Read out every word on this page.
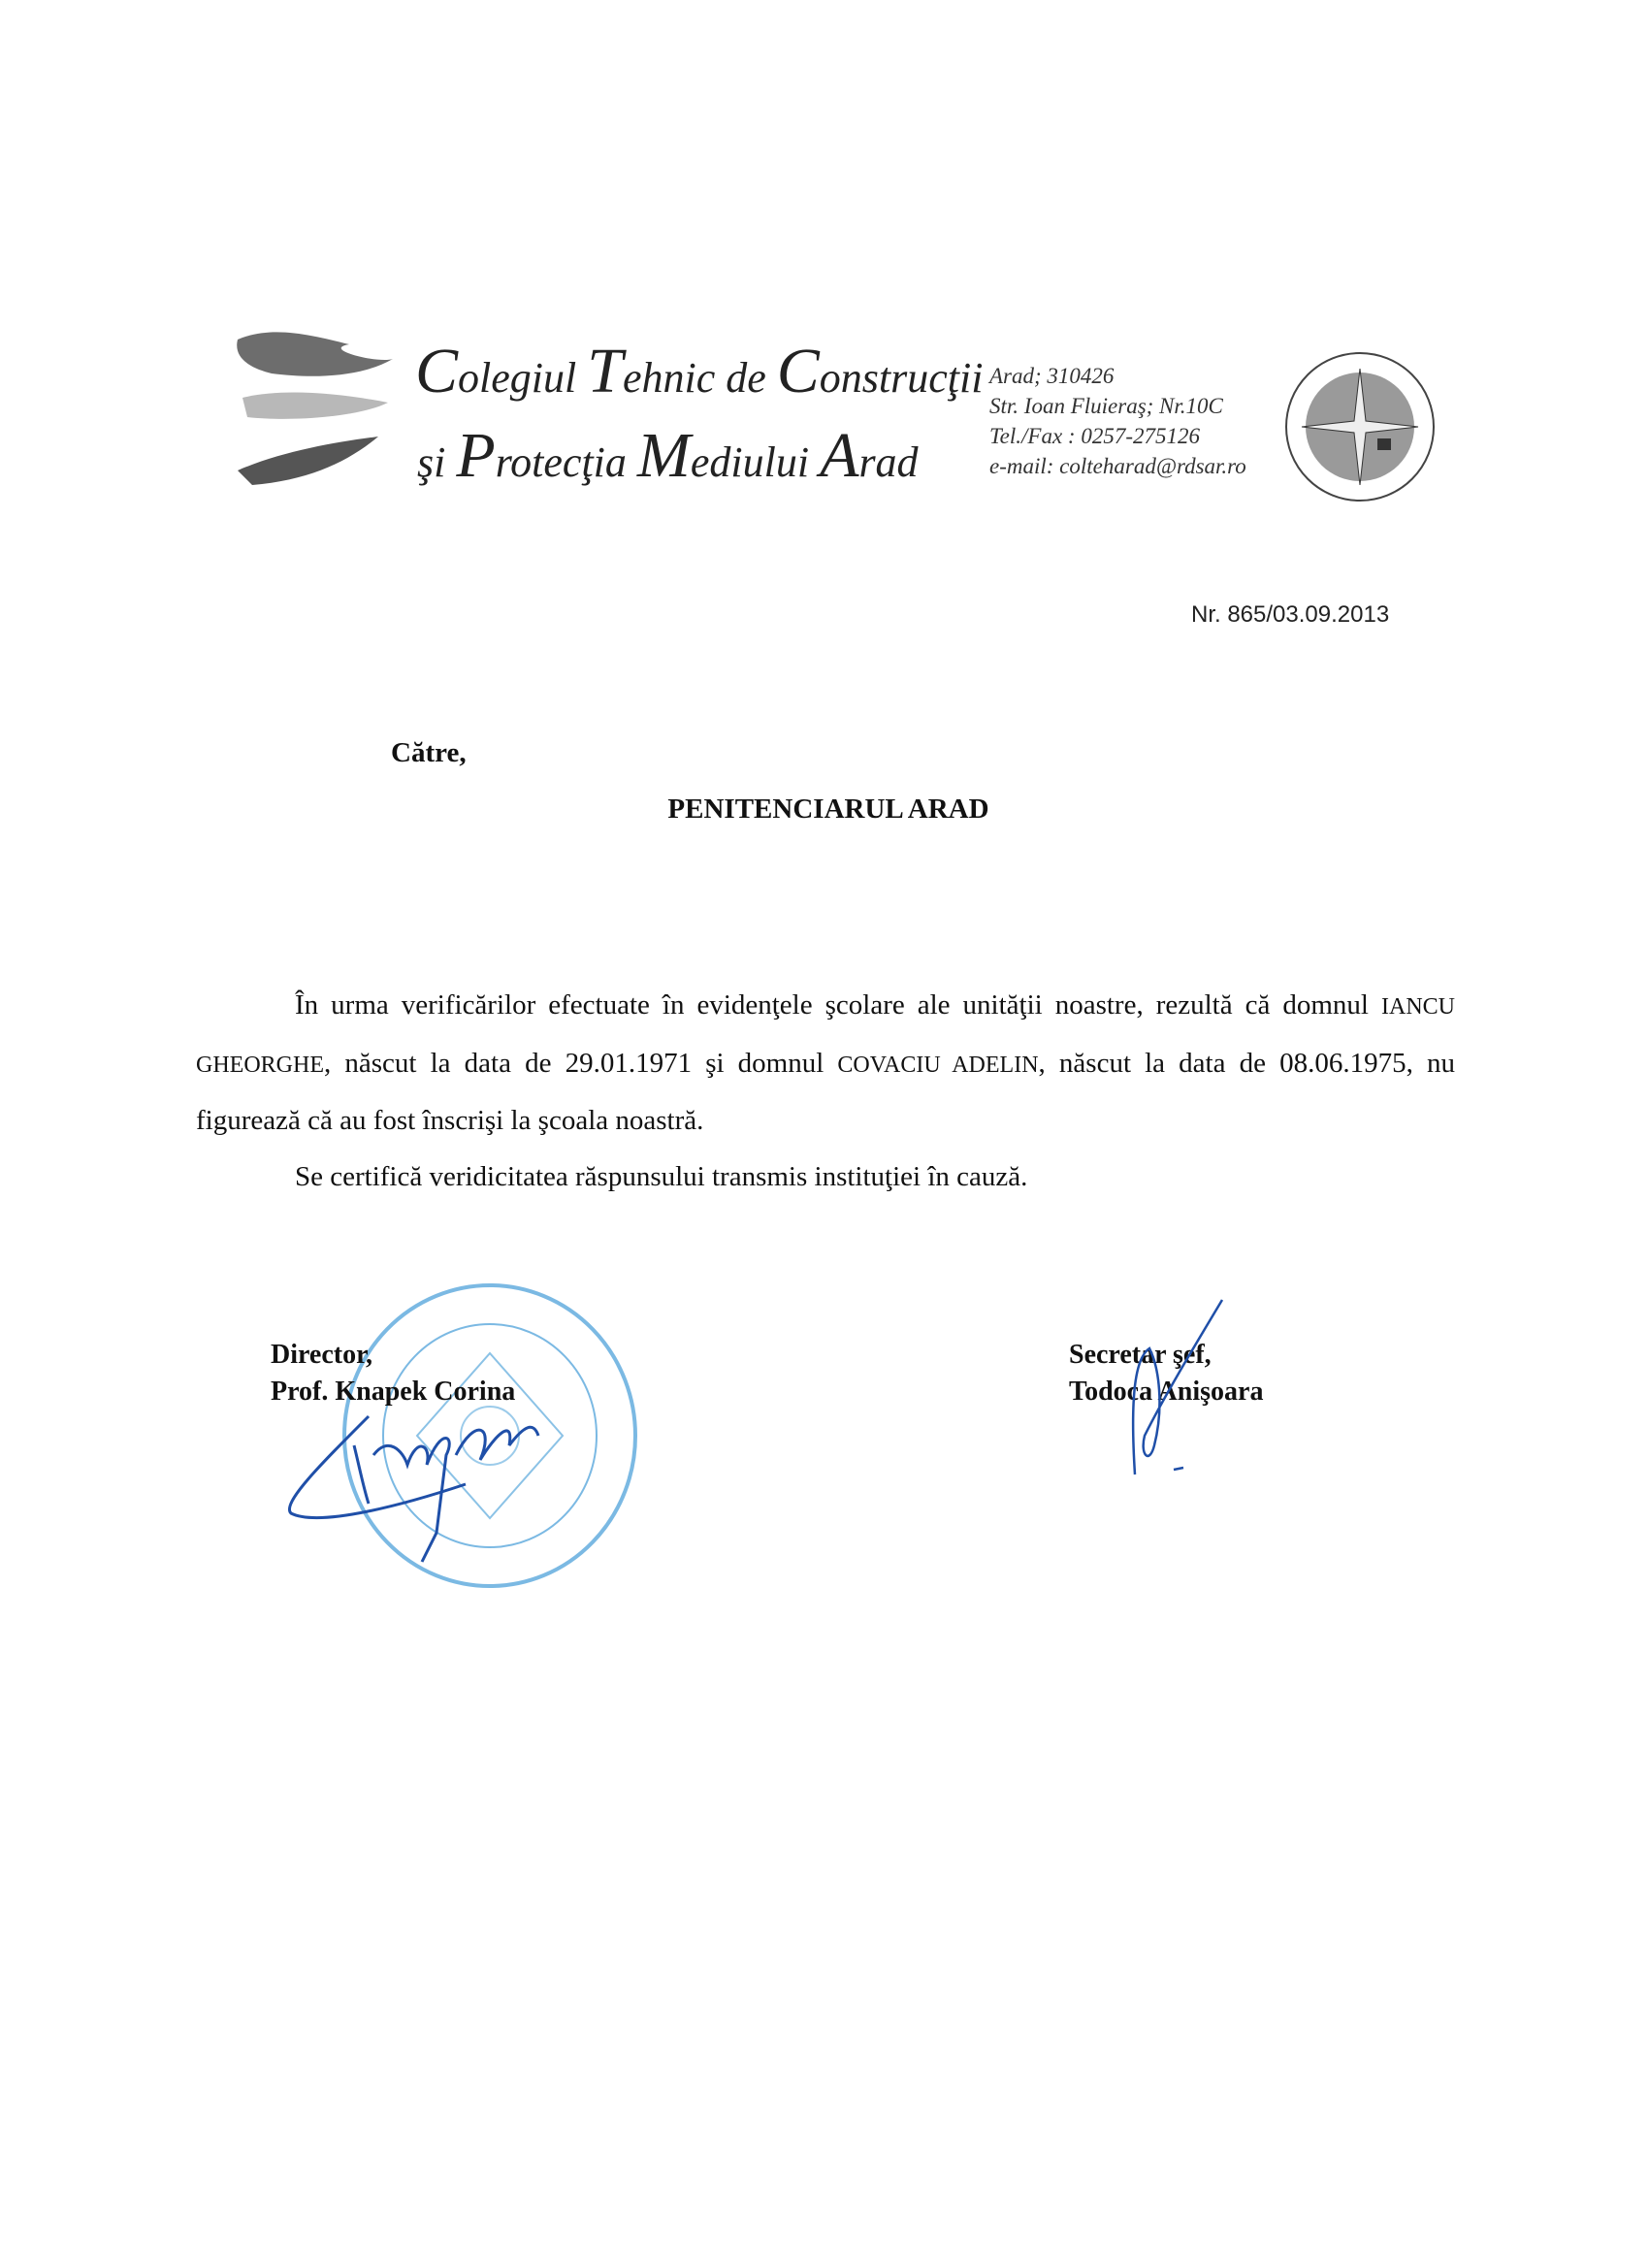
Colegiul Tehnic de Construcţii
şi Protecţia Mediului Arad
Arad; 310426
Str. Ioan Fluieraş; Nr.10C
Tel./Fax : 0257-275126
e-mail: colteharad@rdsar.ro
Nr. 865/03.09.2013
Către,
PENITENCIARUL ARAD

În urma verificărilor efectuate în evidenţele şcolare ale unităţii noastre, rezultă că domnul IANCU GHEORGHE, născut la data de 29.01.1971 şi domnul COVACIU ADELIN, născut la data de 08.06.1975, nu figurează că au fost înscrişi la şcoala noastră.

Se certifică veridicitatea răspunsului transmis instituţiei în cauză.

Director,
Prof. Knapek Corina
Secretar şef,
Todoca Anişoara
